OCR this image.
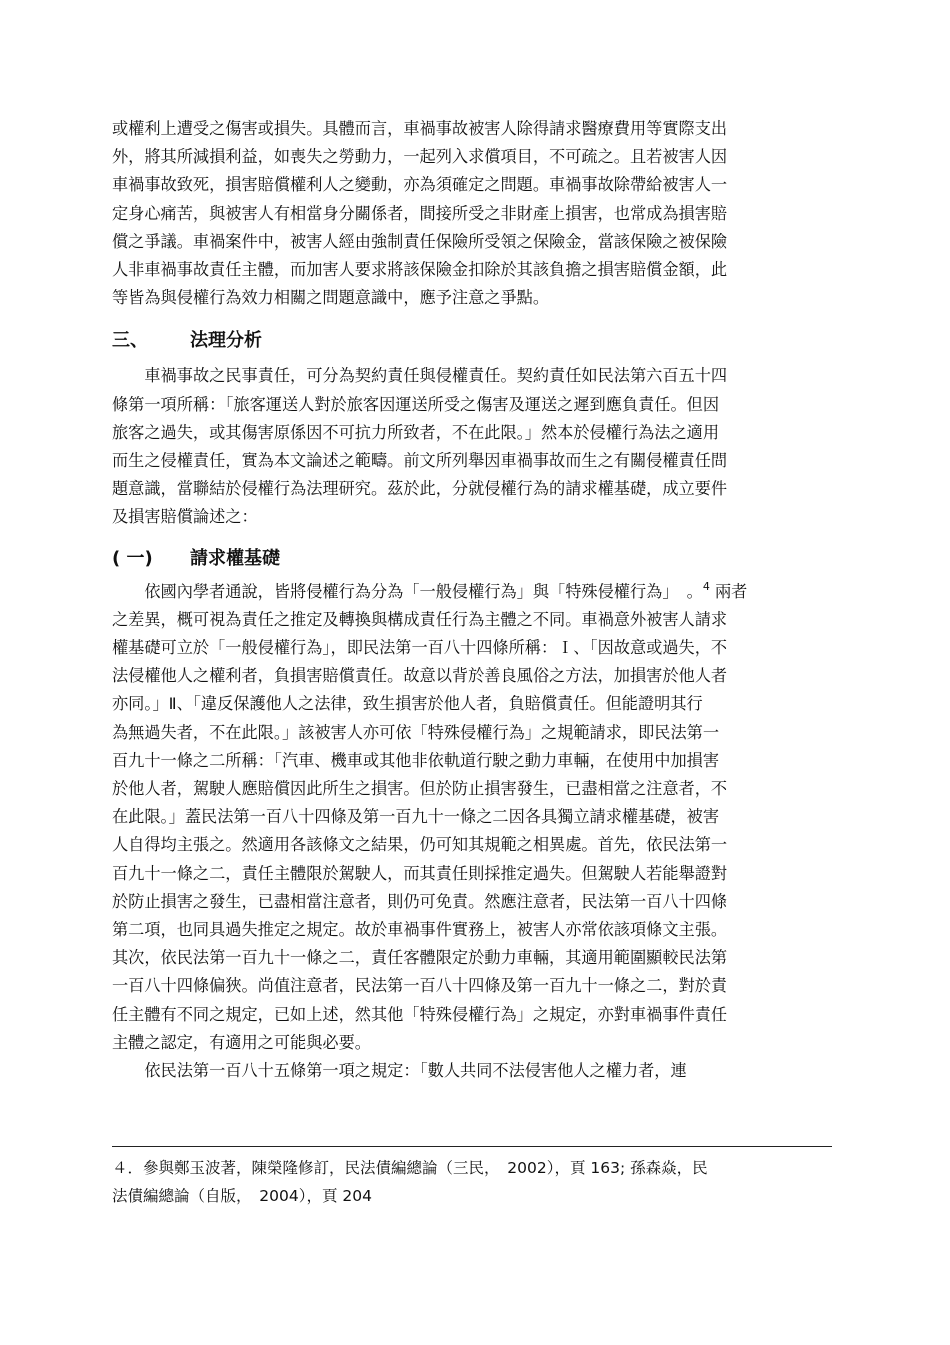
或權利上遭受之傷害或損失。具體而言，車禍事故被害人除得請求醫療費用等實際支出
外，將其所減損利益，如喪失之勞動力，一起列入求償項目，不可疏之。且若被害人因
車禍事故致死，損害賠償權利人之變動，亦為須確定之問題。車禍事故除帶給被害人一
定身心痛苦，與被害人有相當身分關係者，間接所受之非財產上損害，也常成為損害賠
償之爭議。車禍案件中，被害人經由強制責任保險所受領之保險金，當該保險之被保險
人非車禍事故責任主體，而加害人要求將該保險金扣除於其該負擔之損害賠償金額，此
等皆為與侵權行為效力相關之問題意識中，應予注意之爭點。

三、	法理分析

　　車禍事故之民事責任，可分為契約責任與侵權責任。契約責任如民法第六百五十四
條第一項所稱：「旅客運送人對於旅客因運送所受之傷害及運送之遲到應負責任。但因
旅客之過失，或其傷害原係因不可抗力所致者，不在此限。」然本於侵權行為法之適用
而生之侵權責任，實為本文論述之範疇。前文所列舉因車禍事故而生之有關侵權責任問
題意識，當聯結於侵權行為法理研究。茲於此，分就侵權行為的請求權基礎，成立要件
及損害賠償論述之：

( 一)	請求權基礎

　　依國內學者通說，皆將侵權行為分為「一般侵權行為」與「特殊侵權行為」　。$^4$ 兩者
之差異，概可視為責任之推定及轉換與構成責任行為主體之不同。車禍意外被害人請求
權基礎可立於「一般侵權行為」，即民法第一百八十四條所稱：Ｉ、「因故意或過失，不
法侵權他人之權利者，負損害賠償責任。故意以背於善良風俗之方法，加損害於他人者
亦同。」Ⅱ、「違反保護他人之法律，致生損害於他人者，負賠償責任。但能證明其行
為無過失者，不在此限。」該被害人亦可依「特殊侵權行為」之規範請求，即民法第一
百九十一條之二所稱：「汽車、機車或其他非依軌道行駛之動力車輛，在使用中加損害
於他人者，駕駛人應賠償因此所生之損害。但於防止損害發生，已盡相當之注意者，不
在此限。」蓋民法第一百八十四條及第一百九十一條之二因各具獨立請求權基礎，被害
人自得均主張之。然適用各該條文之結果，仍可知其規範之相異處。首先，依民法第一
百九十一條之二，責任主體限於駕駛人，而其責任則採推定過失。但駕駛人若能舉證對
於防止損害之發生，已盡相當注意者，則仍可免責。然應注意者，民法第一百八十四條
第二項，也同具過失推定之規定。故於車禍事件實務上，被害人亦常依該項條文主張。
其次，依民法第一百九十一條之二，責任客體限定於動力車輛，其適用範圍顯較民法第
一百八十四條偏狹。尚值注意者，民法第一百八十四條及第一百九十一條之二，對於責
任主體有不同之規定，已如上述，然其他「特殊侵權行為」之規定，亦對車禍事件責任
主體之認定，有適用之可能與必要。

　　依民法第一百八十五條第一項之規定：「數人共同不法侵害他人之權力者，連

４．參與鄭玉波著，陳榮隆修訂，民法債編總論（三民，　2002），頁 163; 孫森焱，民
法債編總論（自版，　2004），頁 204
